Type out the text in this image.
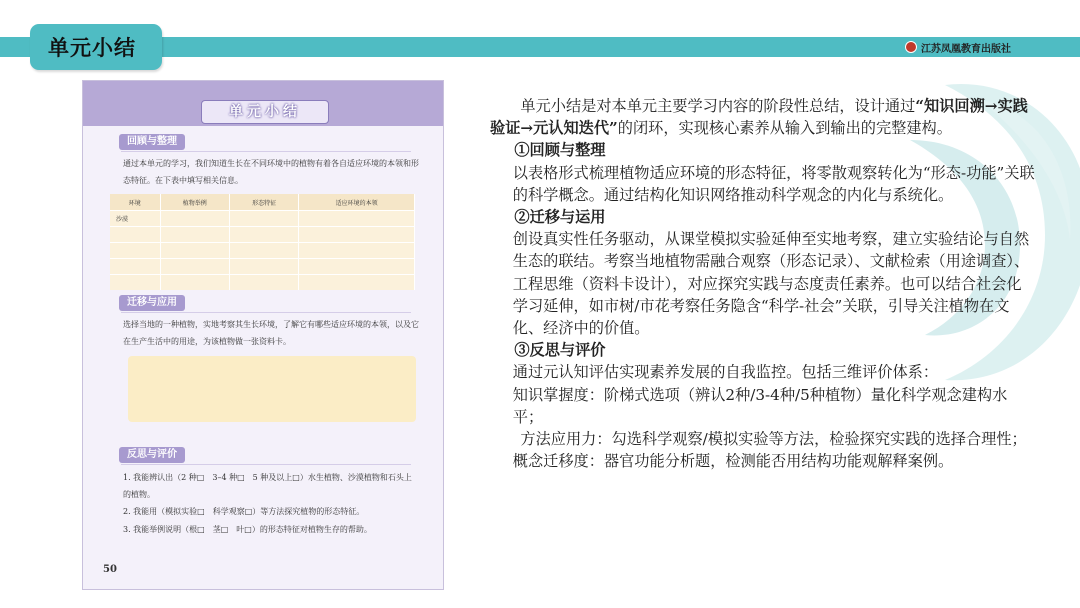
单元小结	江苏凤凰教育出版社
单元小结
回顾与整理
通过本单元的学习，我们知道生长在不同环境中的植物有着各自适应环境的本领和形态特征。在下表中填写相关信息。
环境	植物举例	形态特征	适应环境的本领
沙漠			

迁移与应用
选择当地的一种植物，实地考察其生长环境，了解它有哪些适应环境的本领，以及它在生产生活中的用途，为该植物做一张资料卡。
反思与评价
1. 我能辨认出（2 种□　3–4 种□　5 种及以上□）水生植物、沙漠植物和石头上的植物。
2. 我能用（模拟实验□　科学观察□）等方法探究植物的形态特征。
3. 我能举例说明（根□　茎□　叶□）的形态特征对植物生存的帮助。
50

单元小结是对本单元主要学习内容的阶段性总结，设计通过“知识回溯→实践验证→元认知迭代”的闭环，实现核心素养从输入到输出的完整建构。

①回顾与整理

以表格形式梳理植物适应环境的形态特征，将零散观察转化为“形态-功能”关联的科学概念。通过结构化知识网络推动科学观念的内化与系统化。

②迁移与运用

创设真实性任务驱动，从课堂模拟实验延伸至实地考察，建立实验结论与自然生态的联结。考察当地植物需融合观察（形态记录）、文献检索（用途调查）、工程思维（资料卡设计），对应探究实践与态度责任素养。也可以结合社会化学习延伸，如市树/市花考察任务隐含“科学-社会”关联，引导关注植物在文化、经济中的价值。

③反思与评价

通过元认知评估实现素养发展的自我监控。包括三维评价体系：

知识掌握度：阶梯式选项（辨认2种/3-4种/5种植物）量化科学观念建构水平；

方法应用力：勾选科学观察/模拟实验等方法，检验探究实践的选择合理性；

概念迁移度：器官功能分析题，检测能否用结构功能观解释案例。
